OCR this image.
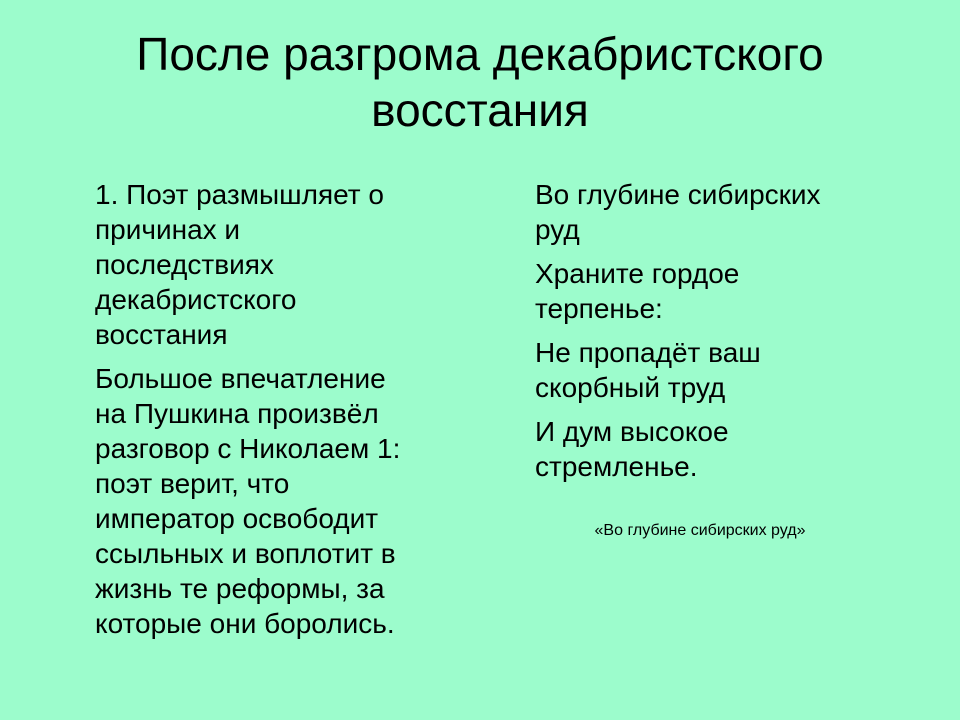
После разгрома декабристского
восстания

1. Поэт размышляет о
причинах и
последствиях
декабристского
восстания

Большое впечатление
на Пушкина произвёл
разговор с Николаем 1:
поэт верит, что
император освободит
ссыльных и воплотит в
жизнь те реформы, за
которые они боролись.

Во глубине сибирских
руд

Храните гордое
терпенье:

Не пропадёт ваш
скорбный труд

И дум высокое
стремленье.

«Во глубине сибирских руд»
